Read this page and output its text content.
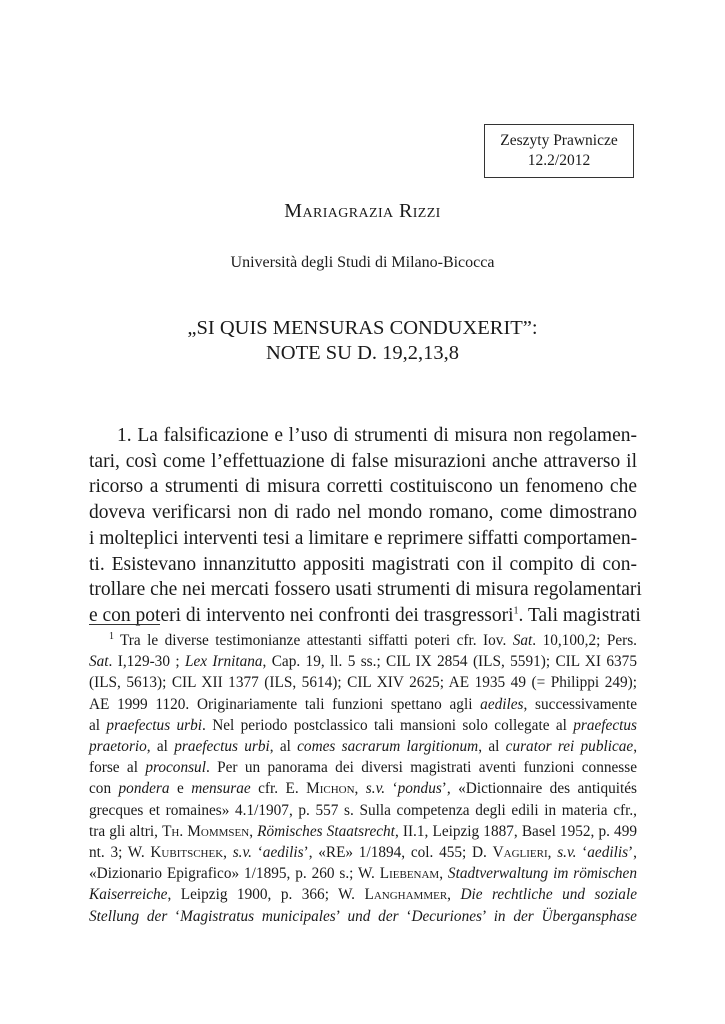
Zeszyty Prawnicze
12.2/2012
Mariagrazia Rizzi
Università degli Studi di Milano-Bicocca
„SI QUIS MENSURAS CONDUXERIT”:
NOTE SU D. 19,2,13,8
1. La falsificazione e l’uso di strumenti di misura non regolamen-
tari, così come l’effettuazione di false misurazioni anche attraverso il
ricorso a strumenti di misura corretti costituiscono un fenomeno che
doveva verificarsi non di rado nel mondo romano, come dimostrano
i molteplici interventi tesi a limitare e reprimere siffatti comportamen-
ti. Esistevano innanzitutto appositi magistrati con il compito di con-
trollare che nei mercati fossero usati strumenti di misura regolamentari
e con poteri di intervento nei confronti dei trasgressori$^1$. Tali magistrati
$^1$ Tra le diverse testimonianze attestanti siffatti poteri cfr. Iov. Sat. 10,100,2; Pers.
Sat. I,129-30 ; Lex Irnitana, Cap. 19, ll. 5 ss.; CIL IX 2854 (ILS, 5591); CIL XI 6375
(ILS, 5613); CIL XII 1377 (ILS, 5614); CIL XIV 2625; AE 1935 49 (= Philippi 249);
AE 1999 1120. Originariamente tali funzioni spettano agli aediles, successivamente
al praefectus urbi. Nel periodo postclassico tali mansioni solo collegate al praefectus
praetorio, al praefectus urbi, al comes sacrarum largitionum, al curator rei publicae,
forse al proconsul. Per un panorama dei diversi magistrati aventi funzioni connesse
con pondera e mensurae cfr. E. Michon, s.v. ‘pondus’, «Dictionnaire des antiquités
grecques et romaines» 4.1/1907, p. 557 s. Sulla competenza degli edili in materia cfr.,
tra gli altri, Th. Mommsen, Römisches Staatsrecht, II.1, Leipzig 1887, Basel 1952, p. 499
nt. 3; W. Kubitschek, s.v. ‘aedilis’, «RE» 1/1894, col. 455; D. Vaglieri, s.v. ‘aedilis’,
«Dizionario Epigrafico» 1/1895, p. 260 s.; W. Liebenam, Stadtverwaltung im römischen
Kaiserreiche, Leipzig 1900, p. 366; W. Langhammer, Die rechtliche und soziale
Stellung der ‘Magistratus municipales’ und der ‘Decuriones’ in der Übergansphase
